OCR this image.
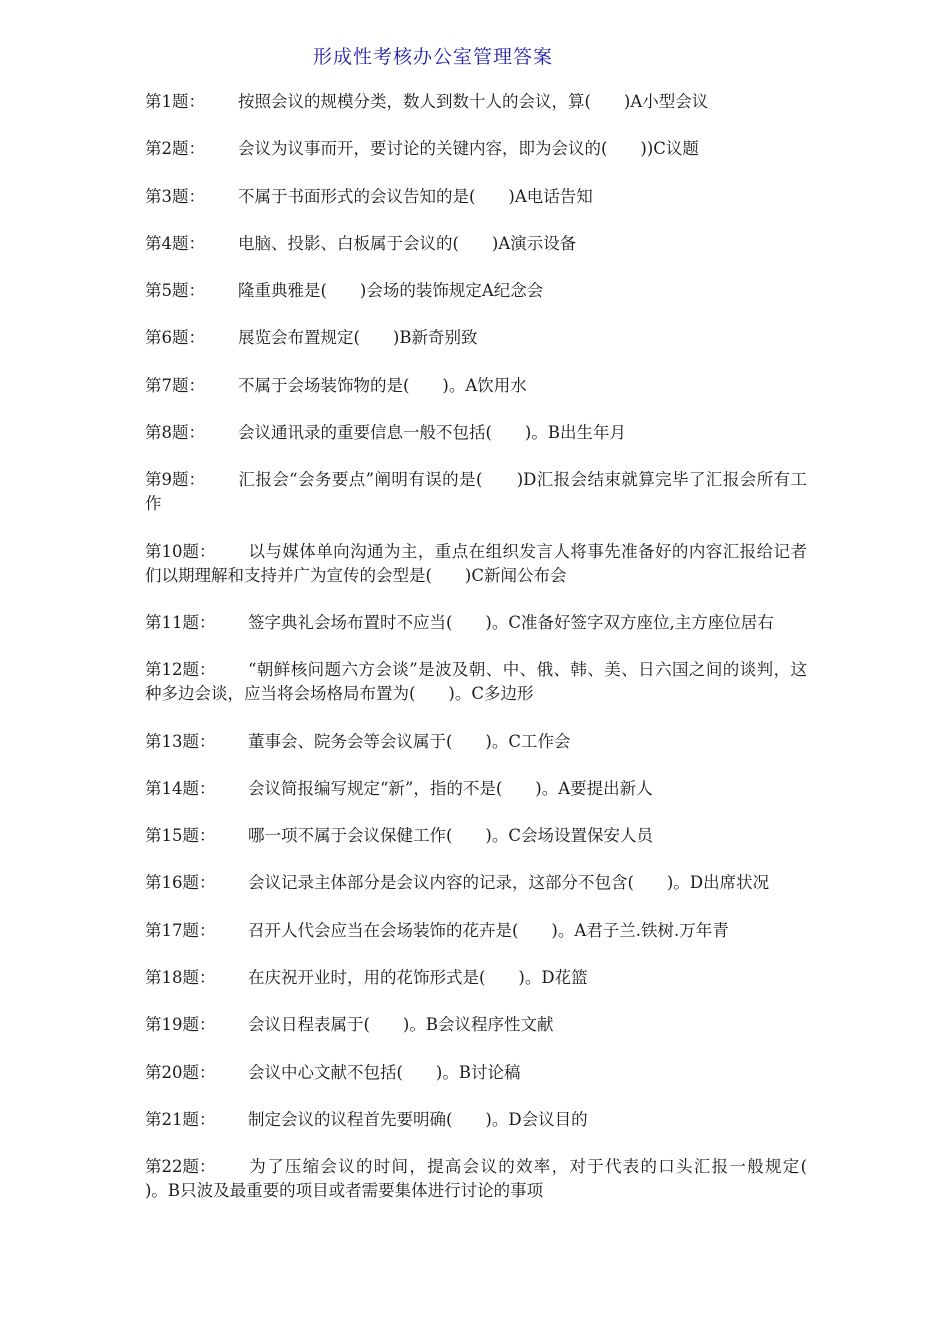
形成性考核办公室管理答案
第1题： 按照会议的规模分类，数人到数十人的会议，算(　　)A小型会议
第2题： 会议为议事而开，要讨论的关键内容，即为会议的(　　))C议题
第3题： 不属于书面形式的会议告知的是(　　)A电话告知
第4题： 电脑、投影、白板属于会议的(　　)A演示设备
第5题： 隆重典雅是(　　)会场的装饰规定A纪念会
第6题： 展览会布置规定(　　)B新奇别致
第7题： 不属于会场装饰物的是(　　)。A饮用水
第8题： 会议通讯录的重要信息一般不包括(　　)。B出生年月
第9题： 汇报会“会务要点”阐明有误的是(　　)D汇报会结束就算完毕了汇报会所有工作
第10题： 以与媒体单向沟通为主，重点在组织发言人将事先准备好的内容汇报给记者们以期理解和支持并广为宣传的会型是(　　)C新闻公布会
第11题： 签字典礼会场布置时不应当(　　)。C准备好签字双方座位,主方座位居右
第12题： “朝鲜核问题六方会谈”是波及朝、中、俄、韩、美、日六国之间的谈判，这种多边会谈，应当将会场格局布置为(　　)。C多边形
第13题： 董事会、院务会等会议属于(　　)。C工作会
第14题： 会议简报编写规定“新”，指的不是(　　)。A要提出新人
第15题： 哪一项不属于会议保健工作(　　)。C会场设置保安人员
第16题： 会议记录主体部分是会议内容的记录，这部分不包含(　　)。D出席状况
第17题： 召开人代会应当在会场装饰的花卉是(　　)。A君子兰.铁树.万年青
第18题： 在庆祝开业时，用的花饰形式是(　　)。D花篮
第19题： 会议日程表属于(　　)。B会议程序性文献
第20题： 会议中心文献不包括(　　)。B讨论稿
第21题： 制定会议的议程首先要明确(　　)。D会议目的
第22题： 为了压缩会议的时间，提高会议的效率，对于代表的口头汇报一般规定(　　)。B只波及最重要的项目或者需要集体进行讨论的事项
